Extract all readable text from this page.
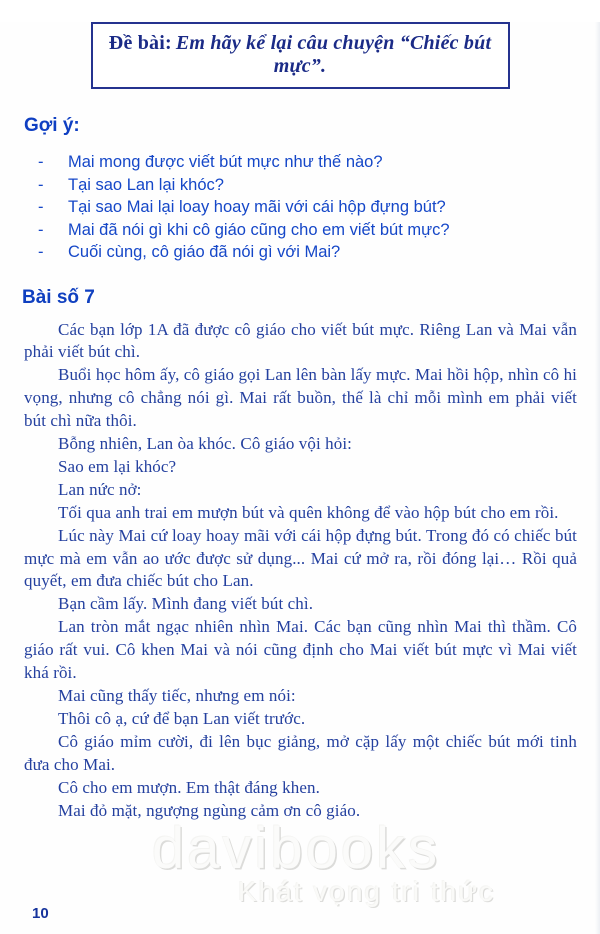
Đề bài: Em hãy kể lại câu chuyện “Chiếc bút mực”.
Gợi ý:
-	Mai mong được viết bút mực như thế nào?
-	Tại sao Lan lại khóc?
-	Tại sao Mai lại loay hoay mãi với cái hộp đựng bút?
-	Mai đã nói gì khi cô giáo cũng cho em viết bút mực?
-	Cuối cùng, cô giáo đã nói gì với Mai?
Bài số 7

Các bạn lớp 1A đã được cô giáo cho viết bút mực. Riêng Lan và Mai vẫn phải viết bút chì.

Buổi học hôm ấy, cô giáo gọi Lan lên bàn lấy mực. Mai hồi hộp, nhìn cô hi vọng, nhưng cô chẳng nói gì. Mai rất buồn, thế là chỉ mỗi mình em phải viết bút chì nữa thôi.

Bỗng nhiên, Lan òa khóc. Cô giáo vội hỏi:

Sao em lại khóc?

Lan nức nở:

Tối qua anh trai em mượn bút và quên không để vào hộp bút cho em rồi.

Lúc này Mai cứ loay hoay mãi với cái hộp đựng bút. Trong đó có chiếc bút mực mà em vẫn ao ước được sử dụng... Mai cứ mở ra, rồi đóng lại… Rồi quả quyết, em đưa chiếc bút cho Lan.

Bạn cầm lấy. Mình đang viết bút chì.

Lan tròn mắt ngạc nhiên nhìn Mai. Các bạn cũng nhìn Mai thì thầm. Cô giáo rất vui. Cô khen Mai và nói cũng định cho Mai viết bút mực vì Mai viết khá rồi.

Mai cũng thấy tiếc, nhưng em nói:

Thôi cô ạ, cứ để bạn Lan viết trước.

Cô giáo mỉm cười, đi lên bục giảng, mở cặp lấy một chiếc bút mới tinh đưa cho Mai.

Cô cho em mượn. Em thật đáng khen.

Mai đỏ mặt, ngượng ngùng cảm ơn cô giáo.

davibooks
Khát vọng tri thức
10
